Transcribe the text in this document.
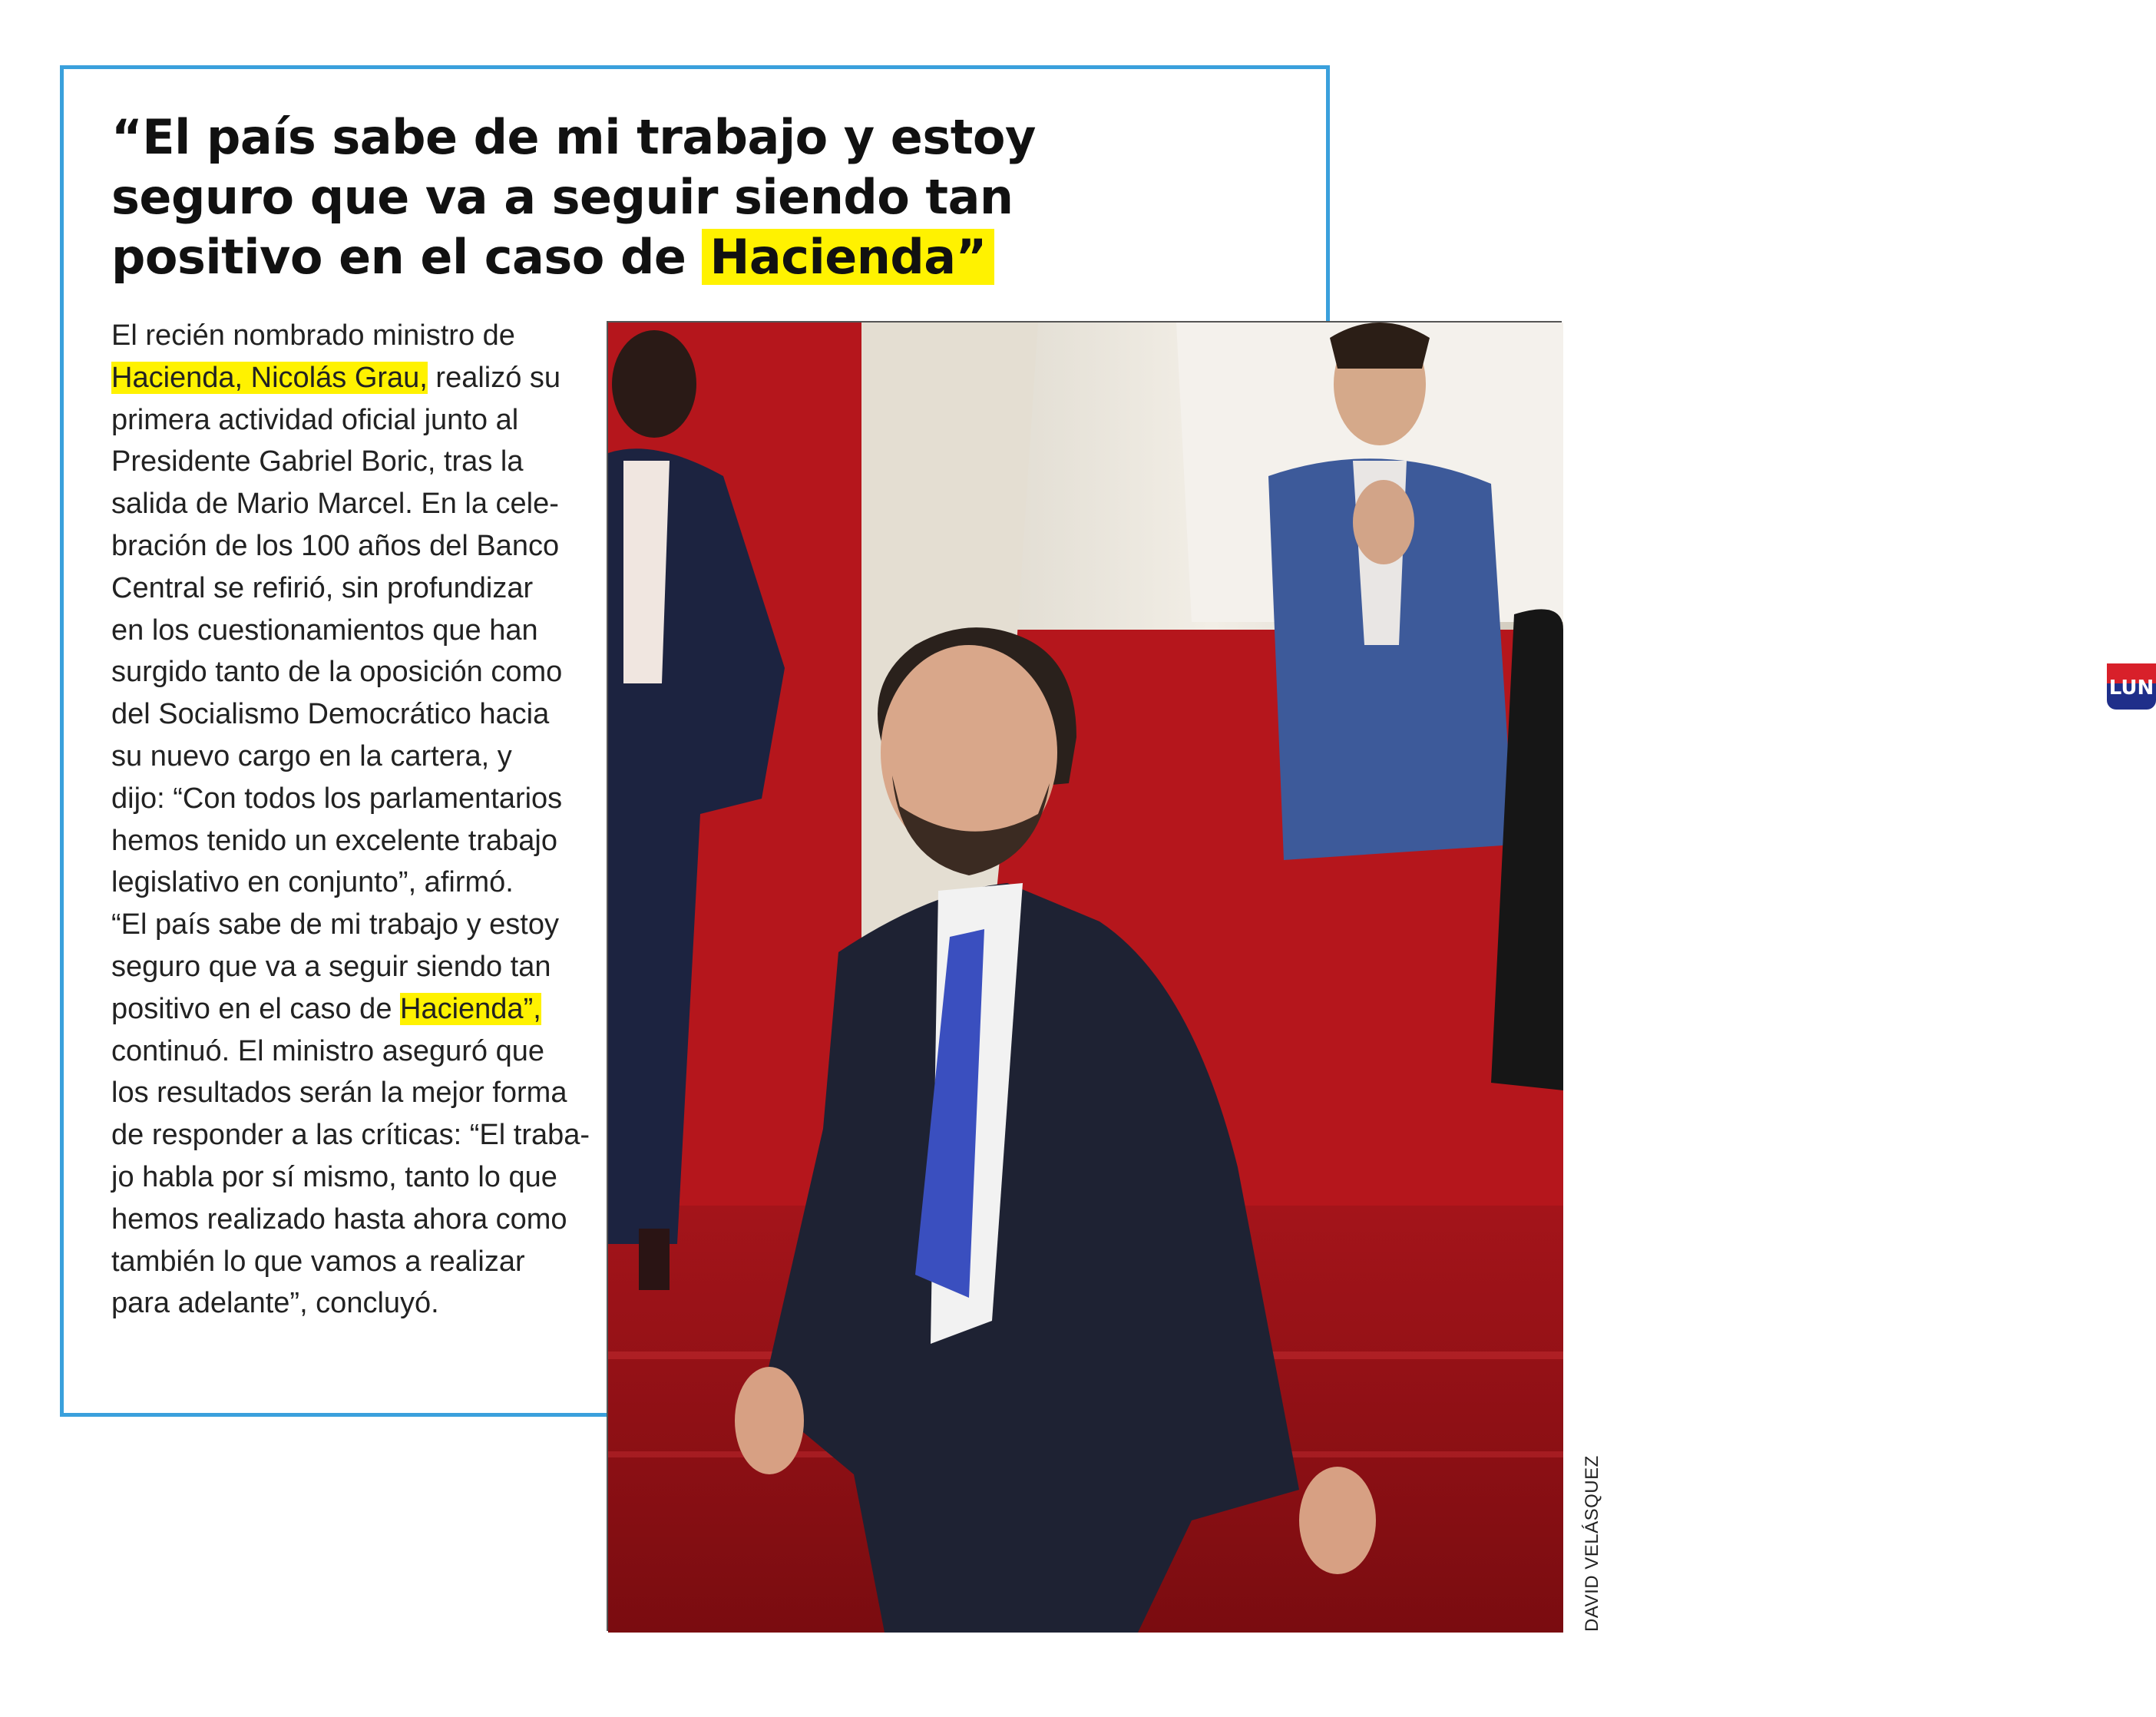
“El país sabe de mi trabajo y estoy
seguro que va a seguir siendo tan
positivo en el caso de Hacienda”
El recién nombrado ministro de
Hacienda, Nicolás Grau, realizó su
primera actividad oficial junto al
Presidente Gabriel Boric, tras la
salida de Mario Marcel. En la cele-
bración de los 100 años del Banco
Central se refirió, sin profundizar
en los cuestionamientos que han
surgido tanto de la oposición como
del Socialismo Democrático hacia
su nuevo cargo en la cartera, y
dijo: “Con todos los parlamentarios
hemos tenido un excelente trabajo
legislativo en conjunto”, afirmó.
“El país sabe de mi trabajo y estoy
seguro que va a seguir siendo tan
positivo en el caso de Hacienda”,
continuó. El ministro aseguró que
los resultados serán la mejor forma
de responder a las críticas: “El traba-
jo habla por sí mismo, tanto lo que
hemos realizado hasta ahora como
también lo que vamos a realizar
para adelante”, concluyó.
LUN
DAVID VELÁSQUEZ
